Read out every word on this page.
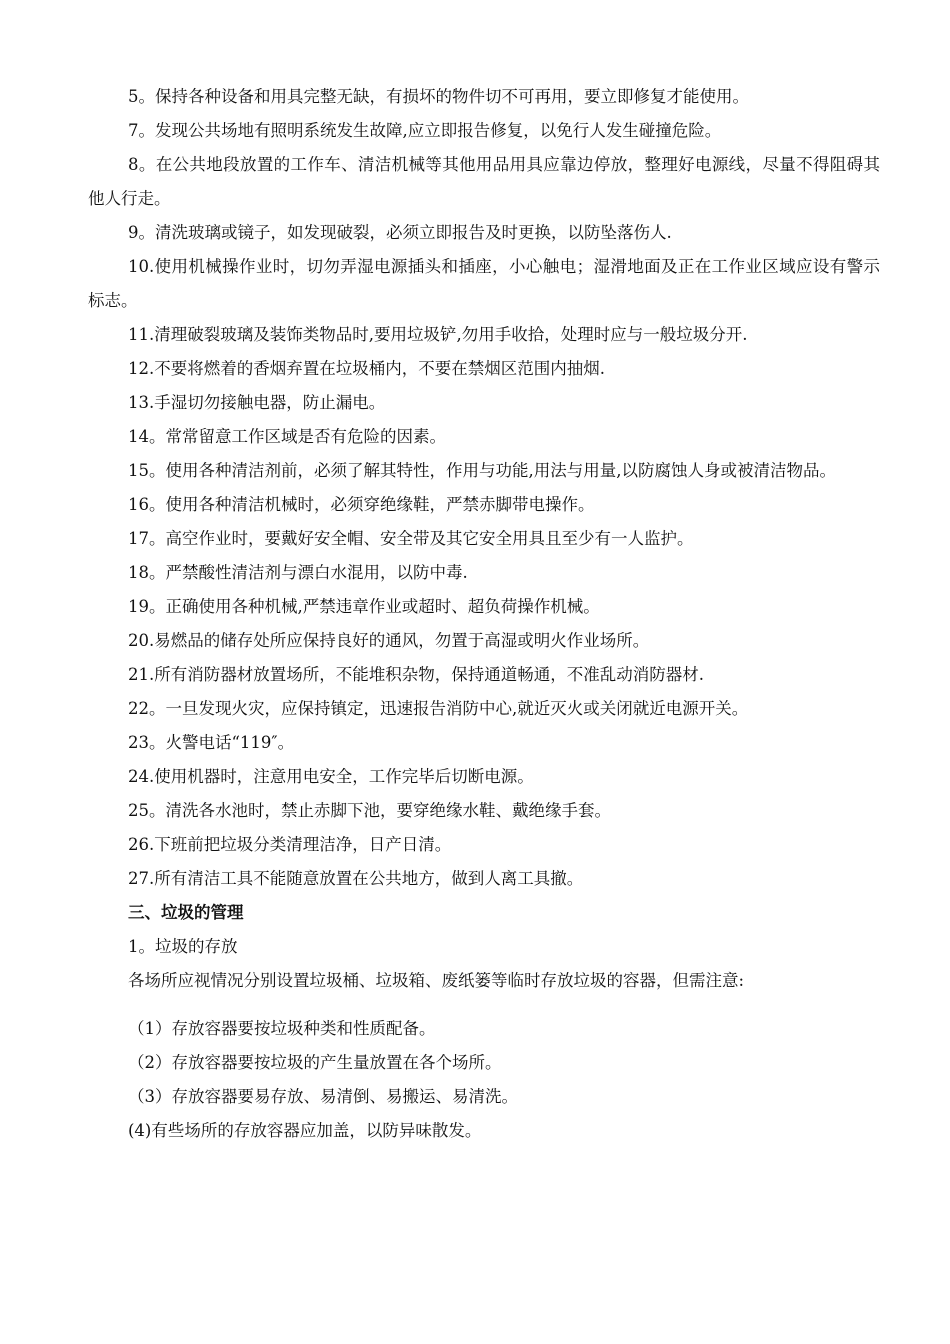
5。保持各种设备和用具完整无缺，有损坏的物件切不可再用，要立即修复才能使用。

7。发现公共场地有照明系统发生故障,应立即报告修复，以免行人发生碰撞危险。

8。在公共地段放置的工作车、清洁机械等其他用品用具应靠边停放，整理好电源线，尽量不得阻碍其他人行走。

9。清洗玻璃或镜子，如发现破裂，必须立即报告及时更换，以防坠落伤人.

10.使用机械操作业时，切勿弄湿电源插头和插座，小心触电；湿滑地面及正在工作业区域应设有警示标志。

11.清理破裂玻璃及装饰类物品时,要用垃圾铲,勿用手收拾，处理时应与一般垃圾分开.

12.不要将燃着的香烟弃置在垃圾桶内，不要在禁烟区范围内抽烟.

13.手湿切勿接触电器，防止漏电。

14。常常留意工作区域是否有危险的因素。

15。使用各种清洁剂前，必须了解其特性，作用与功能,用法与用量,以防腐蚀人身或被清洁物品。

16。使用各种清洁机械时，必须穿绝缘鞋，严禁赤脚带电操作。

17。高空作业时，要戴好安全帽、安全带及其它安全用具且至少有一人监护。

18。严禁酸性清洁剂与漂白水混用，以防中毒.

19。正确使用各种机械,严禁违章作业或超时、超负荷操作机械。

20.易燃品的储存处所应保持良好的通风，勿置于高湿或明火作业场所。

21.所有消防器材放置场所，不能堆积杂物，保持通道畅通，不准乱动消防器材.

22。一旦发现火灾，应保持镇定，迅速报告消防中心,就近灭火或关闭就近电源开关。

23。火警电话“119″。

24.使用机器时，注意用电安全，工作完毕后切断电源。

25。清洗各水池时，禁止赤脚下池，要穿绝缘水鞋、戴绝缘手套。

26.下班前把垃圾分类清理洁净，日产日清。

27.所有清洁工具不能随意放置在公共地方，做到人离工具撤。

三、垃圾的管理

1。垃圾的存放

各场所应视情况分别设置垃圾桶、垃圾箱、废纸篓等临时存放垃圾的容器，但需注意:

（1）存放容器要按垃圾种类和性质配备。

（2）存放容器要按垃圾的产生量放置在各个场所。

（3）存放容器要易存放、易清倒、易搬运、易清洗。

(4)有些场所的存放容器应加盖，以防异味散发。
